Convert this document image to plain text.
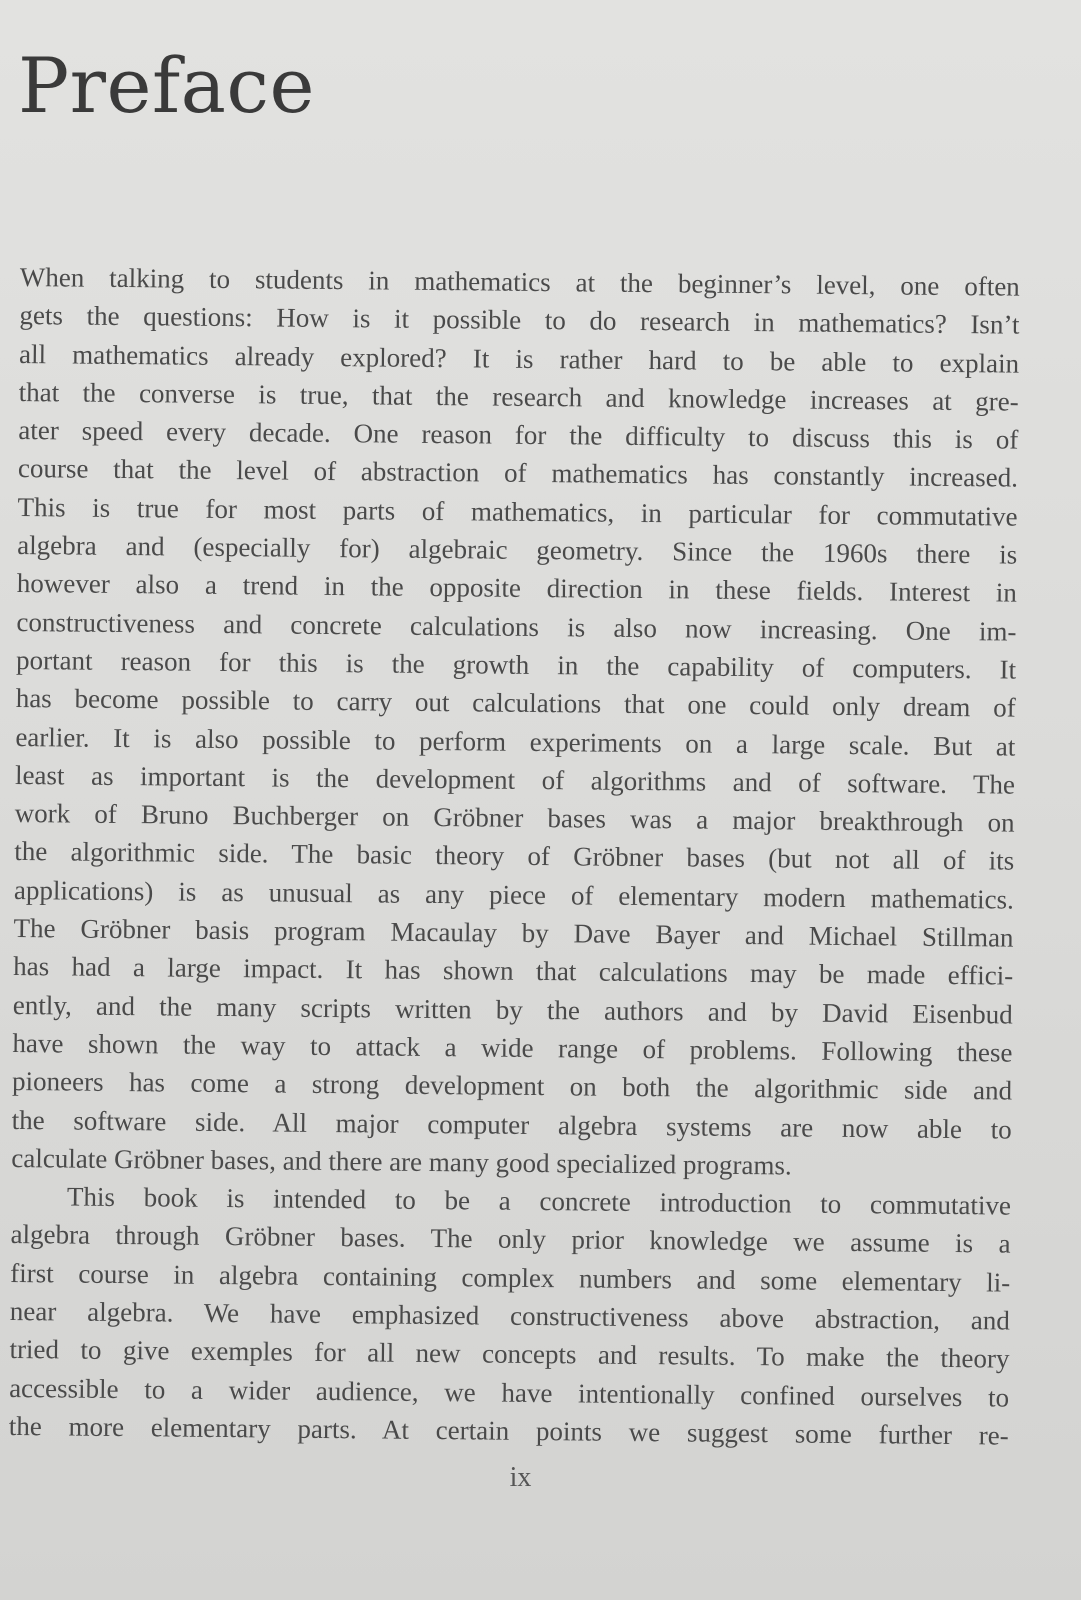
Preface
When talking to students in mathematics at the beginner’s level, one often
gets the questions: How is it possible to do research in mathematics? Isn’t
all mathematics already explored? It is rather hard to be able to explain
that the converse is true, that the research and knowledge increases at gre-
ater speed every decade. One reason for the difficulty to discuss this is of
course that the level of abstraction of mathematics has constantly increased.
This is true for most parts of mathematics, in particular for commutative
algebra and (especially for) algebraic geometry. Since the 1960s there is
however also a trend in the opposite direction in these fields. Interest in
constructiveness and concrete calculations is also now increasing. One im-
portant reason for this is the growth in the capability of computers. It
has become possible to carry out calculations that one could only dream of
earlier. It is also possible to perform experiments on a large scale. But at
least as important is the development of algorithms and of software. The
work of Bruno Buchberger on Gröbner bases was a major breakthrough on
the algorithmic side. The basic theory of Gröbner bases (but not all of its
applications) is as unusual as any piece of elementary modern mathematics.
The Gröbner basis program Macaulay by Dave Bayer and Michael Stillman
has had a large impact. It has shown that calculations may be made effici-
ently, and the many scripts written by the authors and by David Eisenbud
have shown the way to attack a wide range of problems. Following these
pioneers has come a strong development on both the algorithmic side and
the software side. All major computer algebra systems are now able to
calculate Gröbner bases, and there are many good specialized programs.
This book is intended to be a concrete introduction to commutative
algebra through Gröbner bases. The only prior knowledge we assume is a
first course in algebra containing complex numbers and some elementary li-
near algebra. We have emphasized constructiveness above abstraction, and
tried to give exemples for all new concepts and results. To make the theory
accessible to a wider audience, we have intentionally confined ourselves to
the more elementary parts. At certain points we suggest some further re-
ix
